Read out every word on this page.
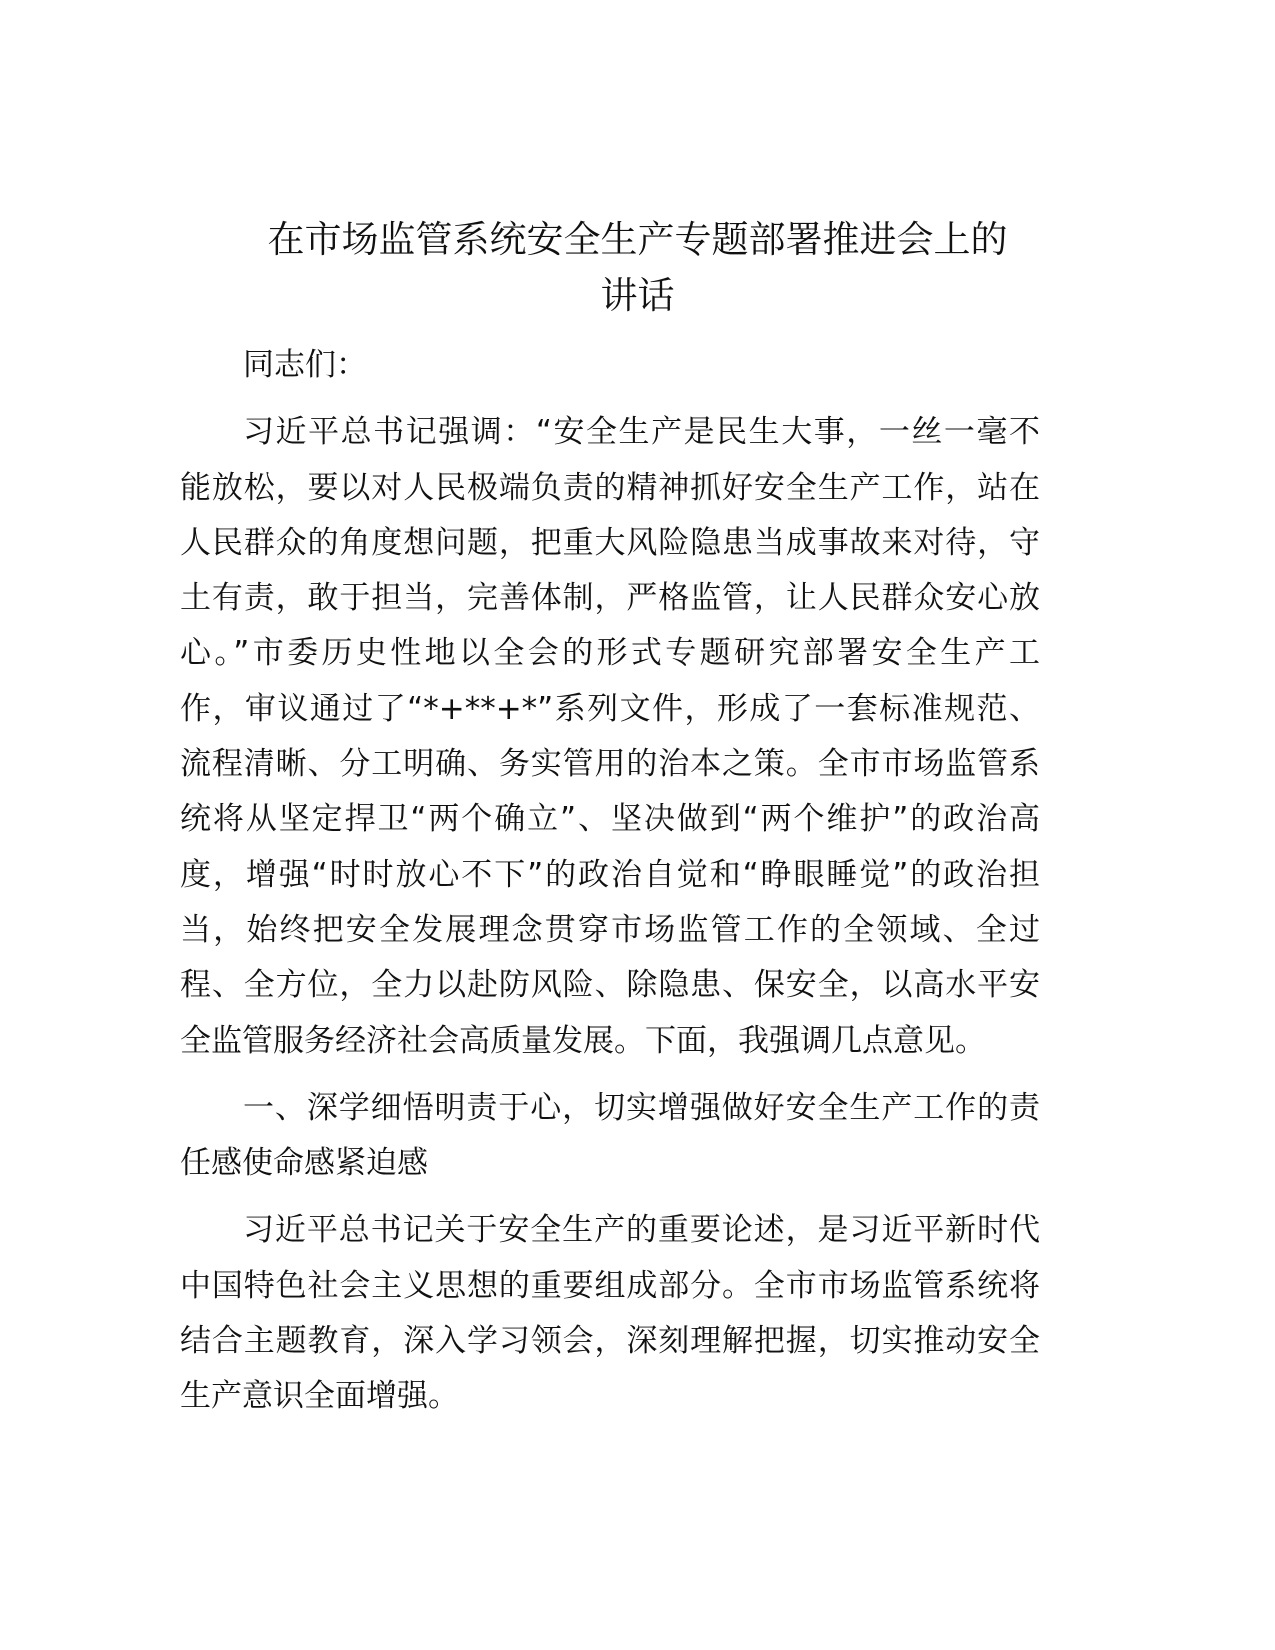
在市场监管系统安全生产专题部署推进会上的
讲话
同志们：
习近平总书记强调：“安全生产是民生大事，一丝一毫不
能放松，要以对人民极端负责的精神抓好安全生产工作，站在
人民群众的角度想问题，把重大风险隐患当成事故来对待，守
土有责，敢于担当，完善体制，严格监管，让人民群众安心放
心。”市委历史性地以全会的形式专题研究部署安全生产工
作，审议通过了“*+**+*”系列文件，形成了一套标准规范、
流程清晰、分工明确、务实管用的治本之策。全市市场监管系
统将从坚定捍卫“两个确立”、坚决做到“两个维护”的政治高
度，增强“时时放心不下”的政治自觉和“睁眼睡觉”的政治担
当，始终把安全发展理念贯穿市场监管工作的全领域、全过
程、全方位，全力以赴防风险、除隐患、保安全，以高水平安
全监管服务经济社会高质量发展。下面，我强调几点意见。
一、深学细悟明责于心，切实增强做好安全生产工作的责
任感使命感紧迫感
习近平总书记关于安全生产的重要论述，是习近平新时代
中国特色社会主义思想的重要组成部分。全市市场监管系统将
结合主题教育，深入学习领会，深刻理解把握，切实推动安全
生产意识全面增强。
